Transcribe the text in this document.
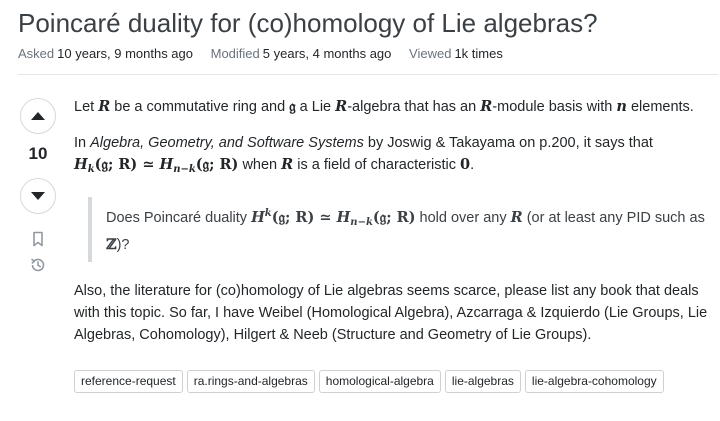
Poincaré duality for (co)homology of Lie algebras?
Asked 10 years, 9 months ago Modified 5 years, 4 months ago Viewed 1k times
10

Let R be a commutative ring and 𝔤 a Lie R-algebra that has an R-module basis with n elements.

In Algebra, Geometry, and Software Systems by Joswig & Takayama on p.200, it says that
$H_k(𝔤$; R) ≃ $H_{n-k}(𝔤$; R) when R is a field of characteristic 0.

Does Poincaré duality $H^k(𝔤$; R) ≃ $H_{n-k}(𝔤$; R) hold over any R (or at least any PID such as ℤ)?

Also, the literature for (co)homology of Lie algebras seems scarce, please list any book that deals with this topic. So far, I have Weibel (Homological Algebra), Azcarraga & Izquierdo (Lie Groups, Lie Algebras, Cohomology), Hilgert & Neeb (Structure and Geometry of Lie Groups).

reference-request	ra.rings-and-algebras	homological-algebra	lie-algebras	lie-algebra-cohomology
